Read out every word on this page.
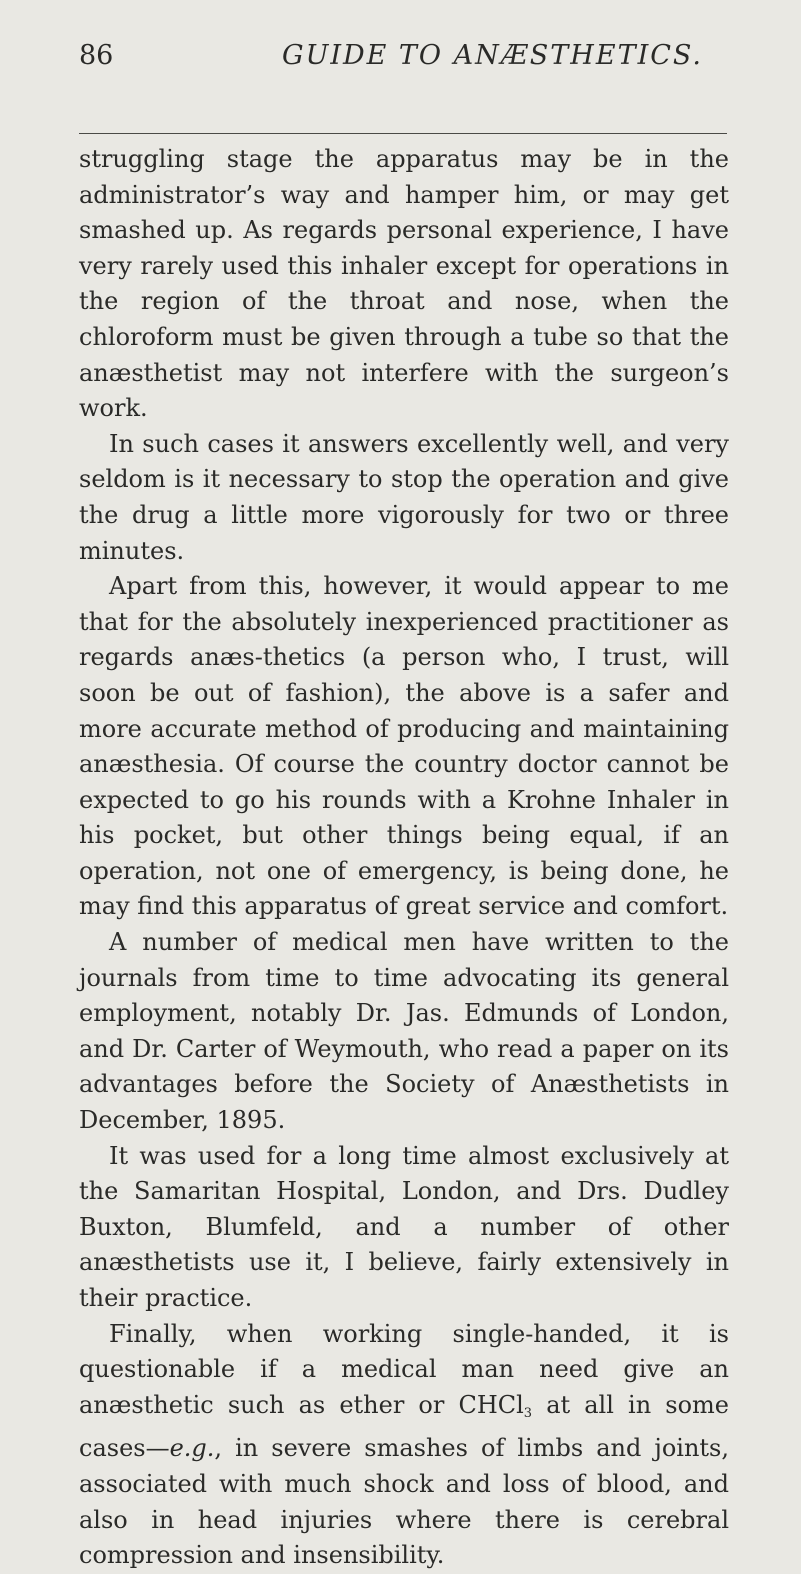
86	GUIDE TO ANÆSTHETICS.

struggling stage the apparatus may be in the administrator’s way and hamper him, or may get smashed up. As regards personal experience, I have very rarely used this inhaler except for operations in the region of the throat and nose, when the chloroform must be given through a tube so that the anæsthetist may not interfere with the surgeon’s work.

In such cases it answers excellently well, and very seldom is it necessary to stop the operation and give the drug a little more vigorously for two or three minutes.

Apart from this, however, it would appear to me that for the absolutely inexperienced practitioner as regards anæs-thetics (a person who, I trust, will soon be out of fashion), the above is a safer and more accurate method of producing and maintaining anæsthesia. Of course the country doctor cannot be expected to go his rounds with a Krohne Inhaler in his pocket, but other things being equal, if an operation, not one of emergency, is being done, he may find this apparatus of great service and comfort.

A number of medical men have written to the journals from time to time advocating its general employment, notably Dr. Jas. Edmunds of London, and Dr. Carter of Weymouth, who read a paper on its advantages before the Society of Anæsthetists in December, 1895.

It was used for a long time almost exclusively at the Samaritan Hospital, London, and Drs. Dudley Buxton, Blumfeld, and a number of other anæsthetists use it, I believe, fairly extensively in their practice.

Finally, when working single-handed, it is questionable if a medical man need give an anæsthetic such as ether or CHCl$_3$ at all in some cases—e.g., in severe smashes of limbs and joints, associated with much shock and loss of blood, and also in head injuries where there is cerebral compression and insensibility.
